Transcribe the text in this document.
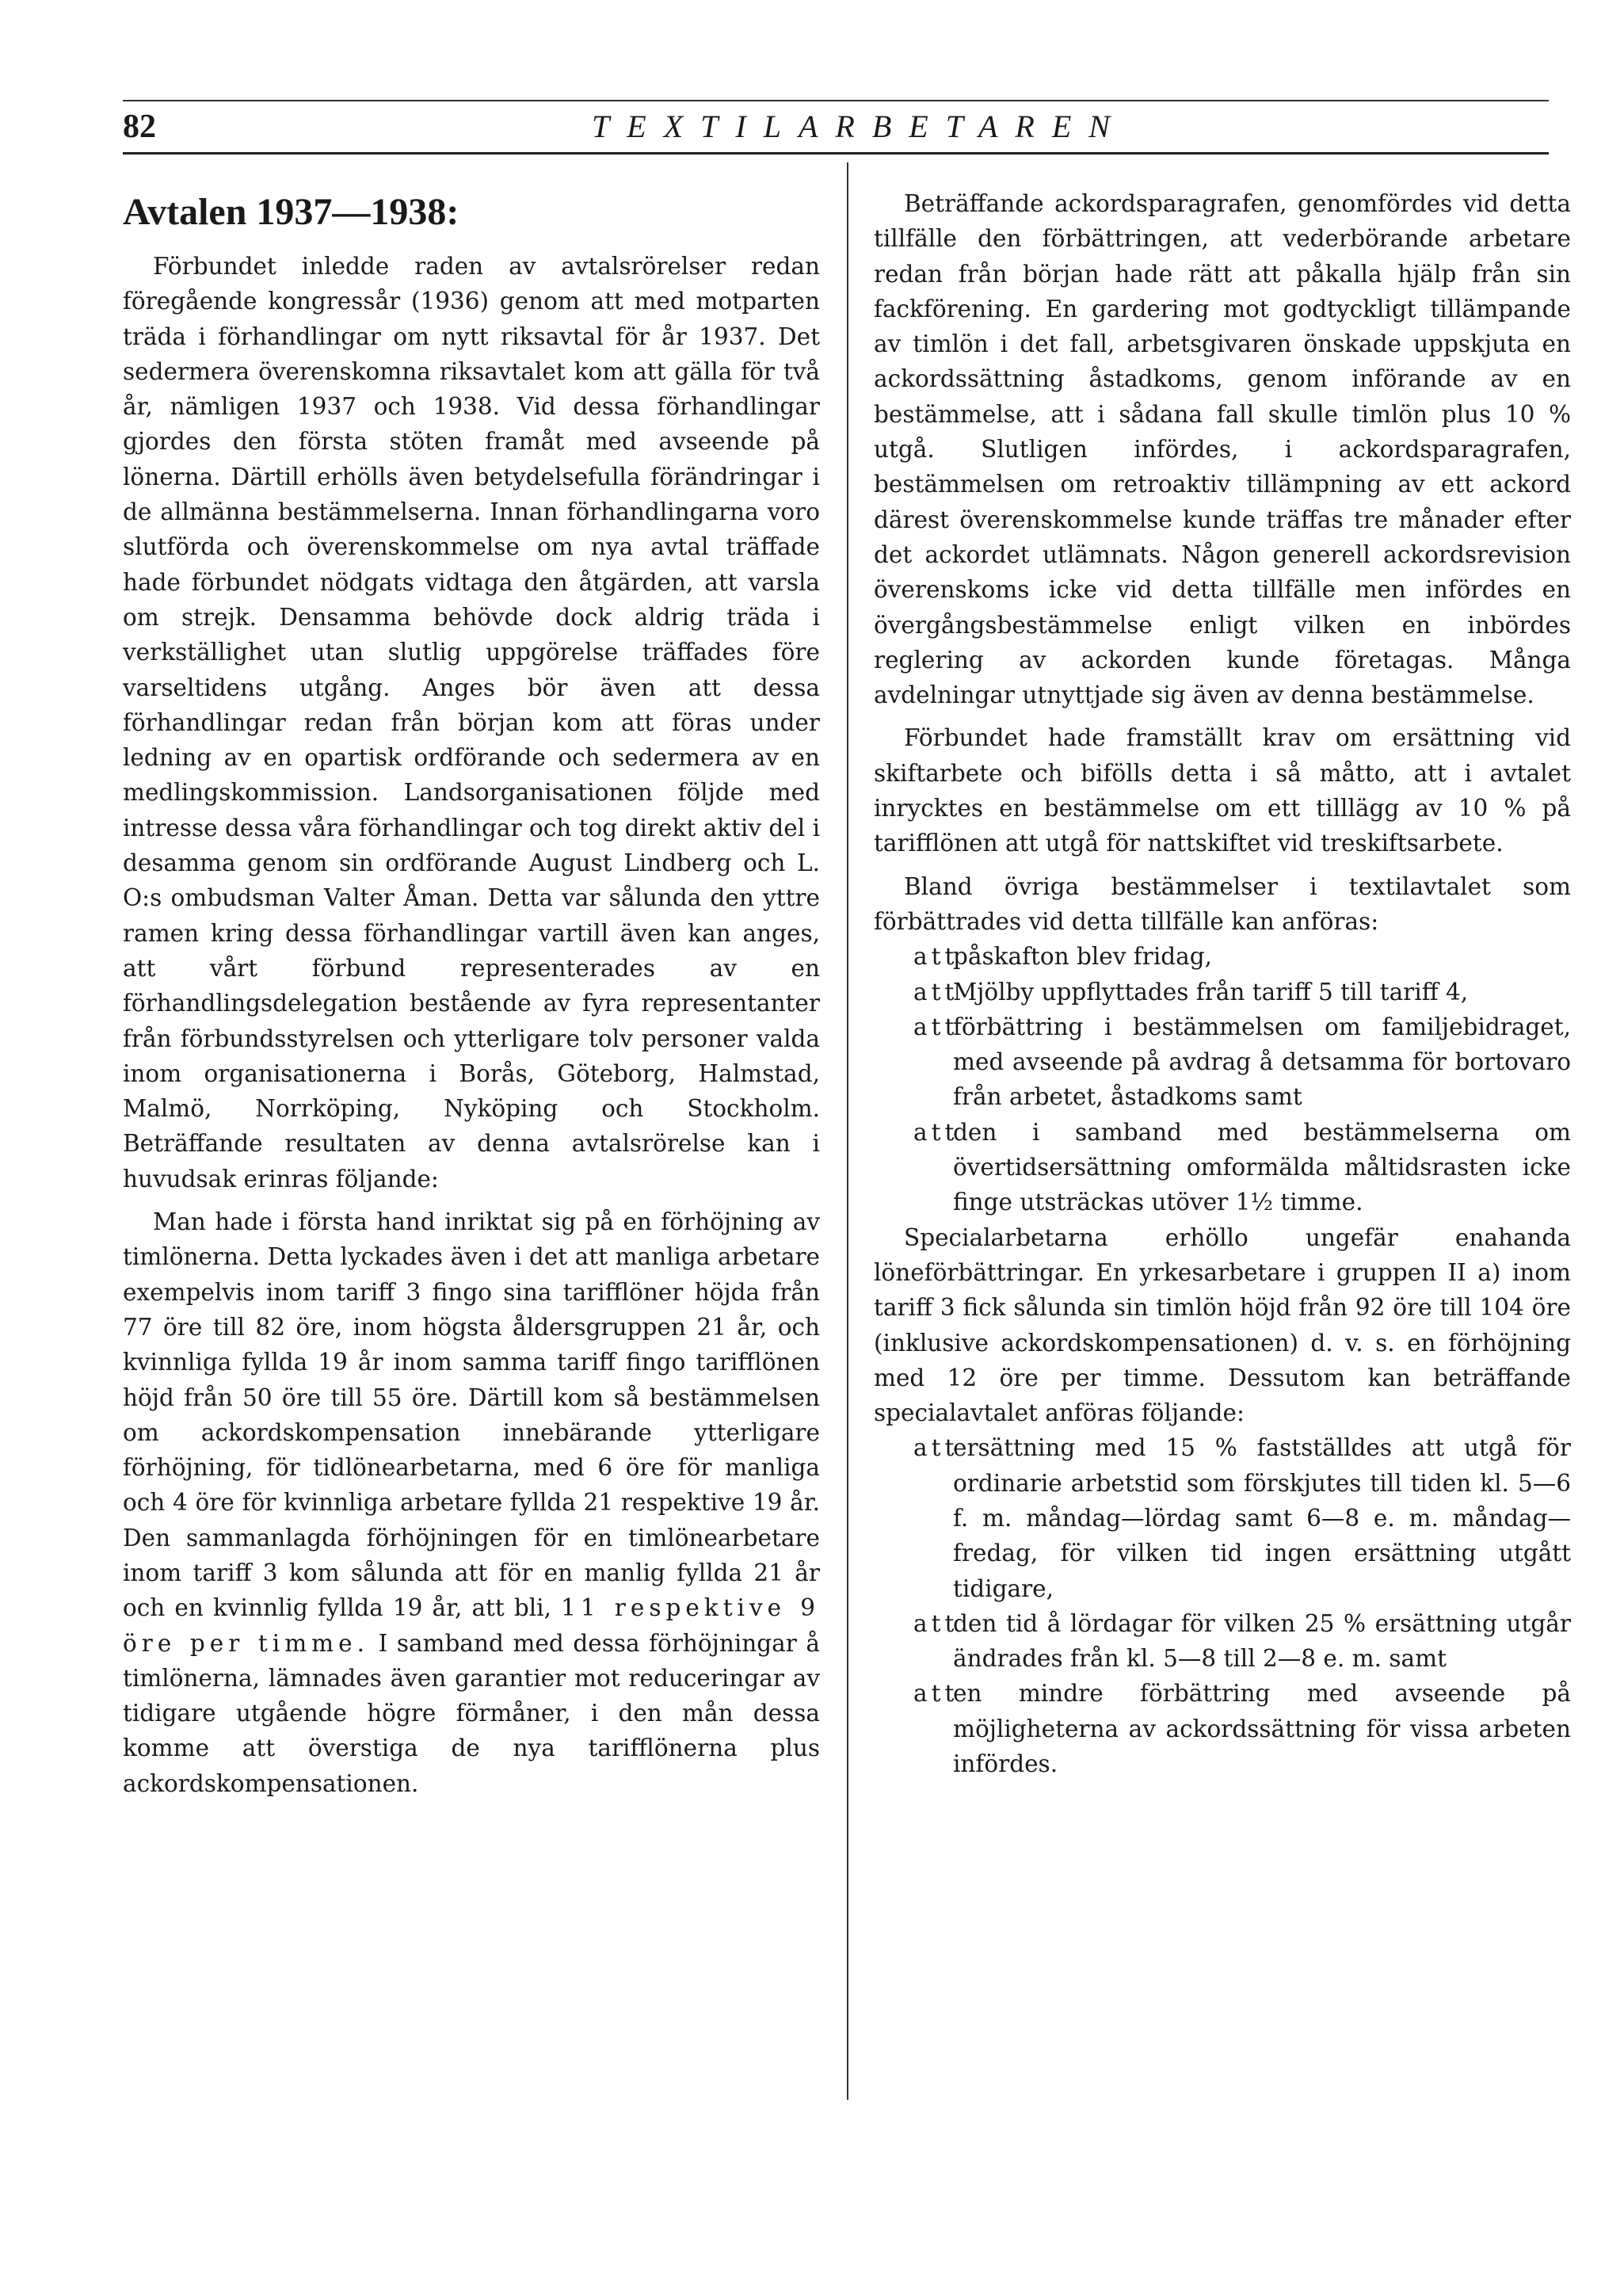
82	TEXTILARBETAREN
Avtalen 1937—1938:

Förbundet inledde raden av avtalsrörelser redan föregående kongressår (1936) genom att med motparten träda i förhandlingar om nytt riksavtal för år 1937. Det sedermera överenskomna riksavtalet kom att gälla för två år, nämligen 1937 och 1938. Vid dessa förhandlingar gjordes den första stöten framåt med avseende på lönerna. Därtill erhölls även betydelsefulla förändringar i de allmänna bestämmelserna. Innan förhandlingarna voro slutförda och överenskommelse om nya avtal träffade hade förbundet nödgats vidtaga den åtgärden, att varsla om strejk. Densamma behövde dock aldrig träda i verkställighet utan slutlig uppgörelse träffades före varseltidens utgång. Anges bör även att dessa förhandlingar redan från början kom att föras under ledning av en opartisk ordförande och sedermera av en medlingskommission. Landsorganisationen följde med intresse dessa våra förhandlingar och tog direkt aktiv del i desamma genom sin ordförande August Lindberg och L. O:s ombudsman Valter Åman. Detta var sålunda den yttre ramen kring dessa förhandlingar vartill även kan anges, att vårt förbund representerades av en förhandlingsdelegation bestående av fyra representanter från förbundsstyrelsen och ytterligare tolv personer valda inom organisationerna i Borås, Göteborg, Halmstad, Malmö, Norrköping, Nyköping och Stockholm. Beträffande resultaten av denna avtalsrörelse kan i huvudsak erinras följande:

Man hade i första hand inriktat sig på en förhöjning av timlönerna. Detta lyckades även i det att manliga arbetare exempelvis inom tariff 3 fingo sina tarifflöner höjda från 77 öre till 82 öre, inom högsta åldersgruppen 21 år, och kvinnliga fyllda 19 år inom samma tariff fingo tarifflönen höjd från 50 öre till 55 öre. Därtill kom så bestämmelsen om ackordskompensation innebärande ytterligare förhöjning, för tidlönearbetarna, med 6 öre för manliga och 4 öre för kvinnliga arbetare fyllda 21 respektive 19 år. Den sammanlagda förhöjningen för en timlönearbetare inom tariff 3 kom sålunda att för en manlig fyllda 21 år och en kvinnlig fyllda 19 år, att bli, 11 respektive 9 öre per timme. I samband med dessa förhöjningar å timlönerna, lämnades även garantier mot reduceringar av tidigare utgående högre förmåner, i den mån dessa komme att överstiga de nya tarifflönerna plus ackordskompensationen.

Beträffande ackordsparagrafen, genomfördes vid detta tillfälle den förbättringen, att vederbörande arbetare redan från början hade rätt att påkalla hjälp från sin fackförening. En gardering mot godtyckligt tillämpande av timlön i det fall, arbetsgivaren önskade uppskjuta en ackordssättning åstadkoms, genom införande av en bestämmelse, att i sådana fall skulle timlön plus 10 % utgå. Slutligen infördes, i ackordsparagrafen, bestämmelsen om retroaktiv tillämpning av ett ackord därest överenskommelse kunde träffas tre månader efter det ackordet utlämnats. Någon generell ackordsrevision överenskoms icke vid detta tillfälle men infördes en övergångsbestämmelse enligt vilken en inbördes reglering av ackorden kunde företagas. Många avdelningar utnyttjade sig även av denna bestämmelse.

Förbundet hade framställt krav om ersättning vid skiftarbete och bifölls detta i så måtto, att i avtalet inrycktes en bestämmelse om ett tilllägg av 10 % på tarifflönen att utgå för nattskiftet vid treskiftsarbete.

Bland övriga bestämmelser i textilavtalet som förbättrades vid detta tillfälle kan anföras:

att
påskafton blev fridag,
att
Mjölby uppflyttades från tariff 5 till tariff 4,
att
förbättring i bestämmelsen om familjebidraget, med avseende på avdrag å detsamma för bortovaro från arbetet, åstadkoms samt
att
den i samband med bestämmelserna om övertidsersättning omformälda måltidsrasten icke finge utsträckas utöver 1½ timme.

Specialarbetarna erhöllo ungefär enahanda löneförbättringar. En yrkesarbetare i gruppen II a) inom tariff 3 fick sålunda sin timlön höjd från 92 öre till 104 öre (inklusive ackordskompensationen) d. v. s. en förhöjning med 12 öre per timme. Dessutom kan beträffande specialavtalet anföras följande:

att
ersättning med 15 % fastställdes att utgå för ordinarie arbetstid som förskjutes till tiden kl. 5—6 f. m. måndag—lördag samt 6—8 e. m. måndag—fredag, för vilken tid ingen ersättning utgått tidigare,
att
den tid å lördagar för vilken 25 % ersättning utgår ändrades från kl. 5—8 till 2—8 e. m. samt
att
en mindre förbättring med avseende på möjligheterna av ackordssättning för vissa arbeten infördes.
